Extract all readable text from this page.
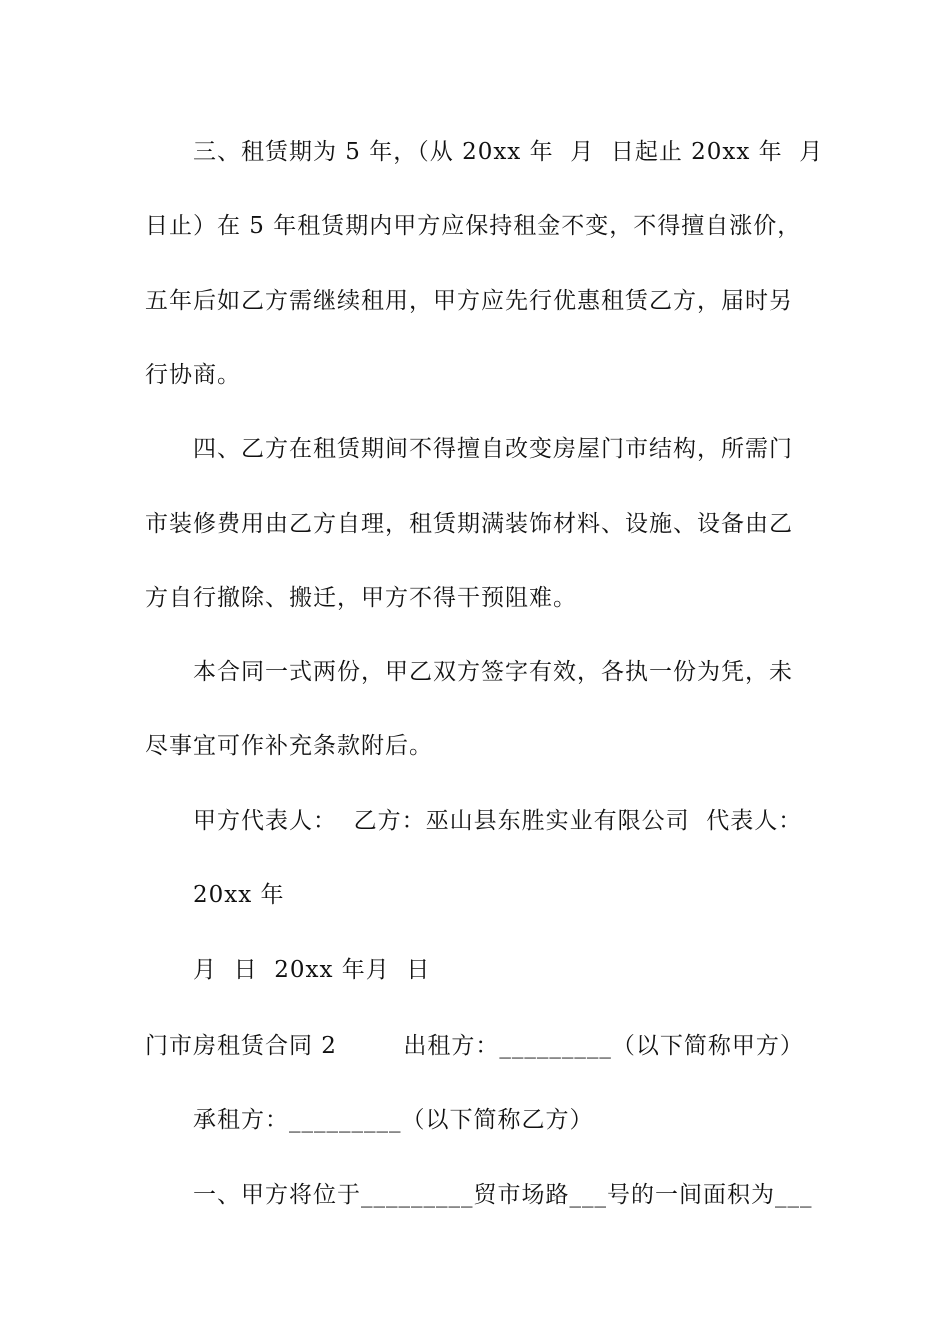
三、租赁期为 5 年，（从 20xx 年  月  日起止 20xx 年  月
日止）在 5 年租赁期内甲方应保持租金不变，不得擅自涨价，
五年后如乙方需继续租用，甲方应先行优惠租赁乙方，届时另
行协商。
四、乙方在租赁期间不得擅自改变房屋门市结构，所需门
市装修费用由乙方自理，租赁期满装饰材料、设施、设备由乙
方自行撤除、搬迁，甲方不得干预阻难。
本合同一式两份，甲乙双方签字有效，各执一份为凭，未
尽事宜可作补充条款附后。
甲方代表人：  乙方：巫山县东胜实业有限公司  代表人：
20xx 年
月  日  20xx 年月  日
门市房租赁合同 2        出租方：_________（以下简称甲方）
承租方：_________（以下简称乙方）
一、甲方将位于_________贸市场路___号的一间面积为___
